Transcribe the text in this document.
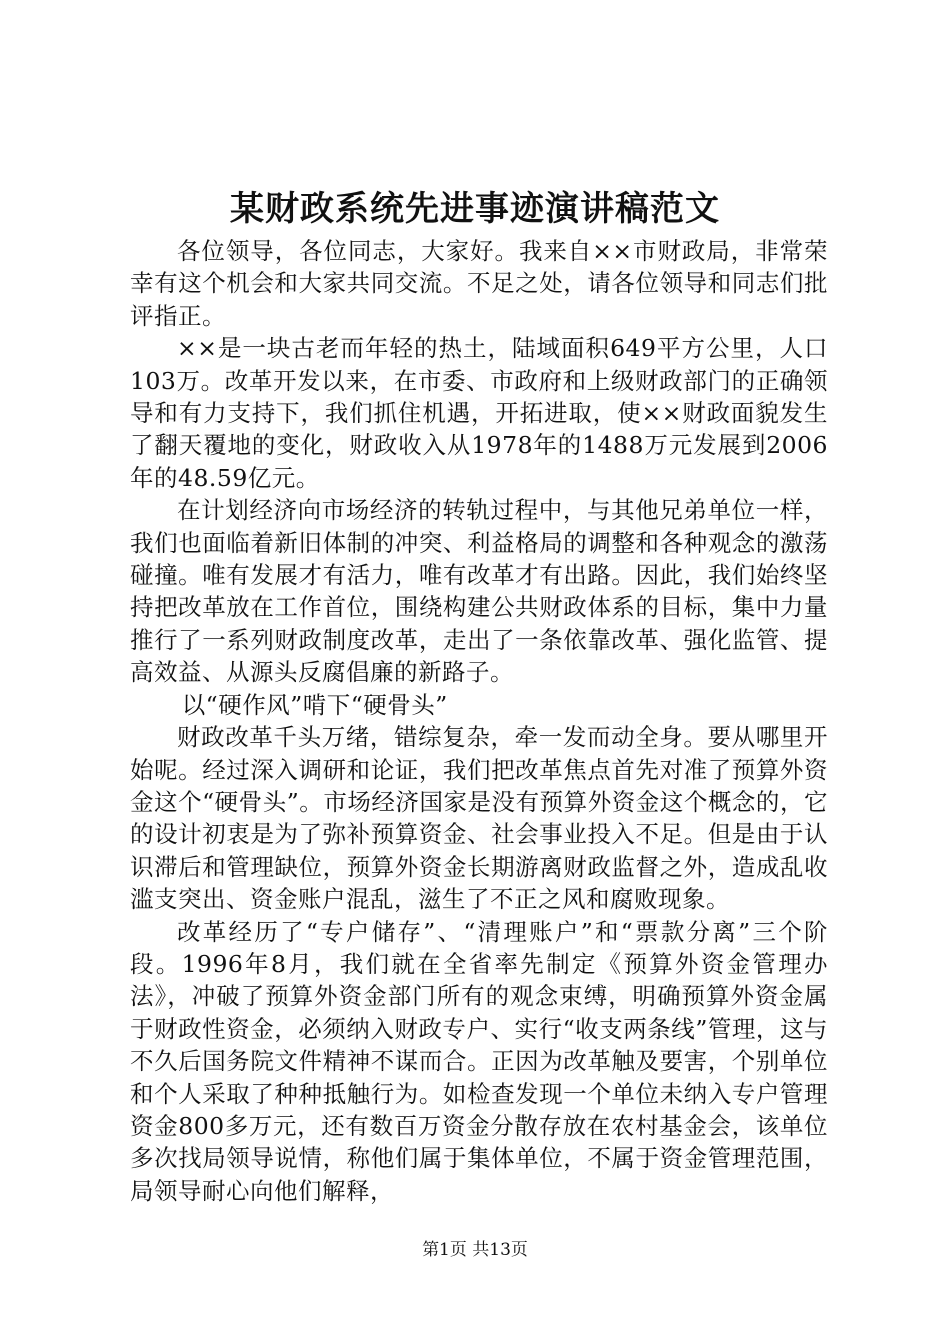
某财政系统先进事迹演讲稿范文

各位领导，各位同志，大家好。我来自××市财政局，非常荣幸有这个机会和大家共同交流。不足之处，请各位领导和同志们批评指正。

××是一块古老而年轻的热土，陆域面积649平方公里，人口103万。改革开发以来，在市委、市政府和上级财政部门的正确领导和有力支持下，我们抓住机遇，开拓进取，使××财政面貌发生了翻天覆地的变化，财政收入从1978年的1488万元发展到2006年的48.59亿元。

在计划经济向市场经济的转轨过程中，与其他兄弟单位一样，我们也面临着新旧体制的冲突、利益格局的调整和各种观念的激荡碰撞。唯有发展才有活力，唯有改革才有出路。因此，我们始终坚持把改革放在工作首位，围绕构建公共财政体系的目标，集中力量推行了一系列财政制度改革，走出了一条依靠改革、强化监管、提高效益、从源头反腐倡廉的新路子。

以“硬作风”啃下“硬骨头”

财政改革千头万绪，错综复杂，牵一发而动全身。要从哪里开始呢。经过深入调研和论证，我们把改革焦点首先对准了预算外资金这个“硬骨头”。市场经济国家是没有预算外资金这个概念的，它的设计初衷是为了弥补预算资金、社会事业投入不足。但是由于认识滞后和管理缺位，预算外资金长期游离财政监督之外，造成乱收滥支突出、资金账户混乱，滋生了不正之风和腐败现象。

改革经历了“专户储存”、“清理账户”和“票款分离”三个阶段。1996年8月，我们就在全省率先制定《预算外资金管理办法》，冲破了预算外资金部门所有的观念束缚，明确预算外资金属于财政性资金，必须纳入财政专户、实行“收支两条线”管理，这与不久后国务院文件精神不谋而合。正因为改革触及要害，个别单位和个人采取了种种抵触行为。如检查发现一个单位未纳入专户管理资金800多万元，还有数百万资金分散存放在农村基金会，该单位多次找局领导说情，称他们属于集体单位，不属于资金管理范围，局领导耐心向他们解释，

第1页 共13页
